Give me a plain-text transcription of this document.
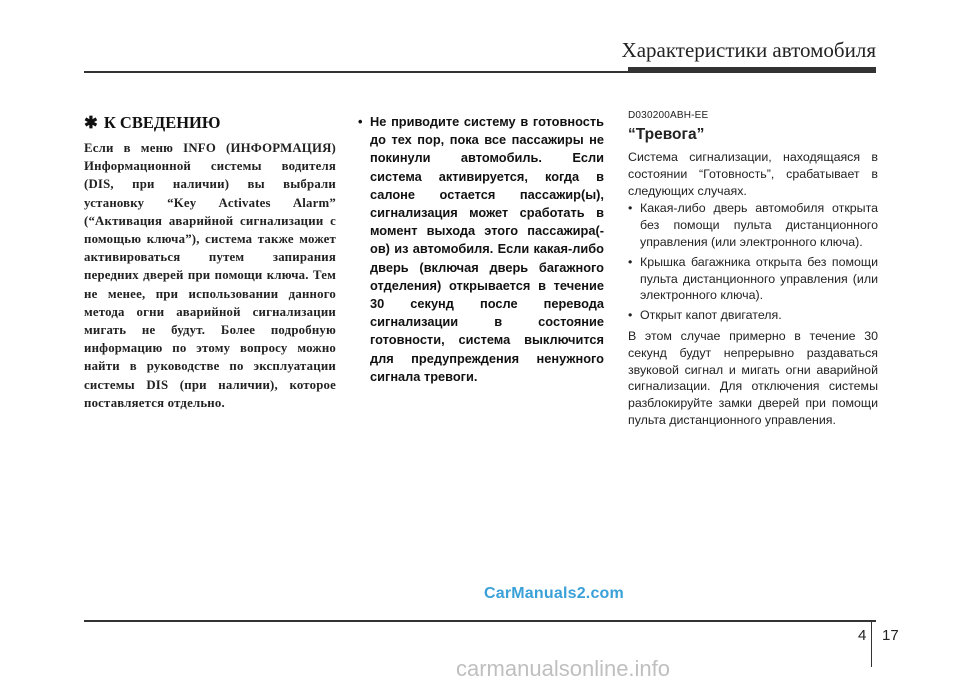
Характеристики автомобиля
✱ К СВЕДЕНИЮ

Если в меню INFO (ИНФОРМАЦИЯ) Информационной системы водителя (DIS, при наличии) вы выбрали установку “Key Activates Alarm” (“Активация аварийной сигнализации с помощью ключа”), система также может активироваться путем запирания передних дверей при помощи ключа. Тем не менее, при использовании данного метода огни аварийной сигнализации мигать не будут. Более подробную информацию по этому вопросу можно найти в руководстве по эксплуатации системы DIS (при наличии), которое поставляется отдельно.

• Не приводите систему в готовность до тех пор, пока все пассажиры не покинули автомобиль. Если система активируется, когда в салоне остается пассажир(ы), сигнализация может сработать в момент выхода этого пассажира(-ов) из автомобиля. Если какая-либо дверь (включая дверь багажного отделения) открывается в течение 30 секунд после перевода сигнализации в состояние готовности, система выключится для предупреждения ненужного сигнала тревоги.

D030200ABH-EE
“Тревога”

Система сигнализации, находящаяся в состоянии “Готовность”, срабатывает в следующих случаях.

• Какая-либо дверь автомобиля открыта без помощи пульта дистанционного управления (или электронного ключа).
• Крышка багажника открыта без помощи пульта дистанционного управления (или электронного ключа).
• Открыт капот двигателя.

В этом случае примерно в течение 30 секунд будут непрерывно раздаваться звуковой сигнал и мигать огни аварийной сигнализации. Для отключения системы разблокируйте замки дверей при помощи пульта дистанционного управления.

CarManuals2.com
4 17
carmanualsonline.info
